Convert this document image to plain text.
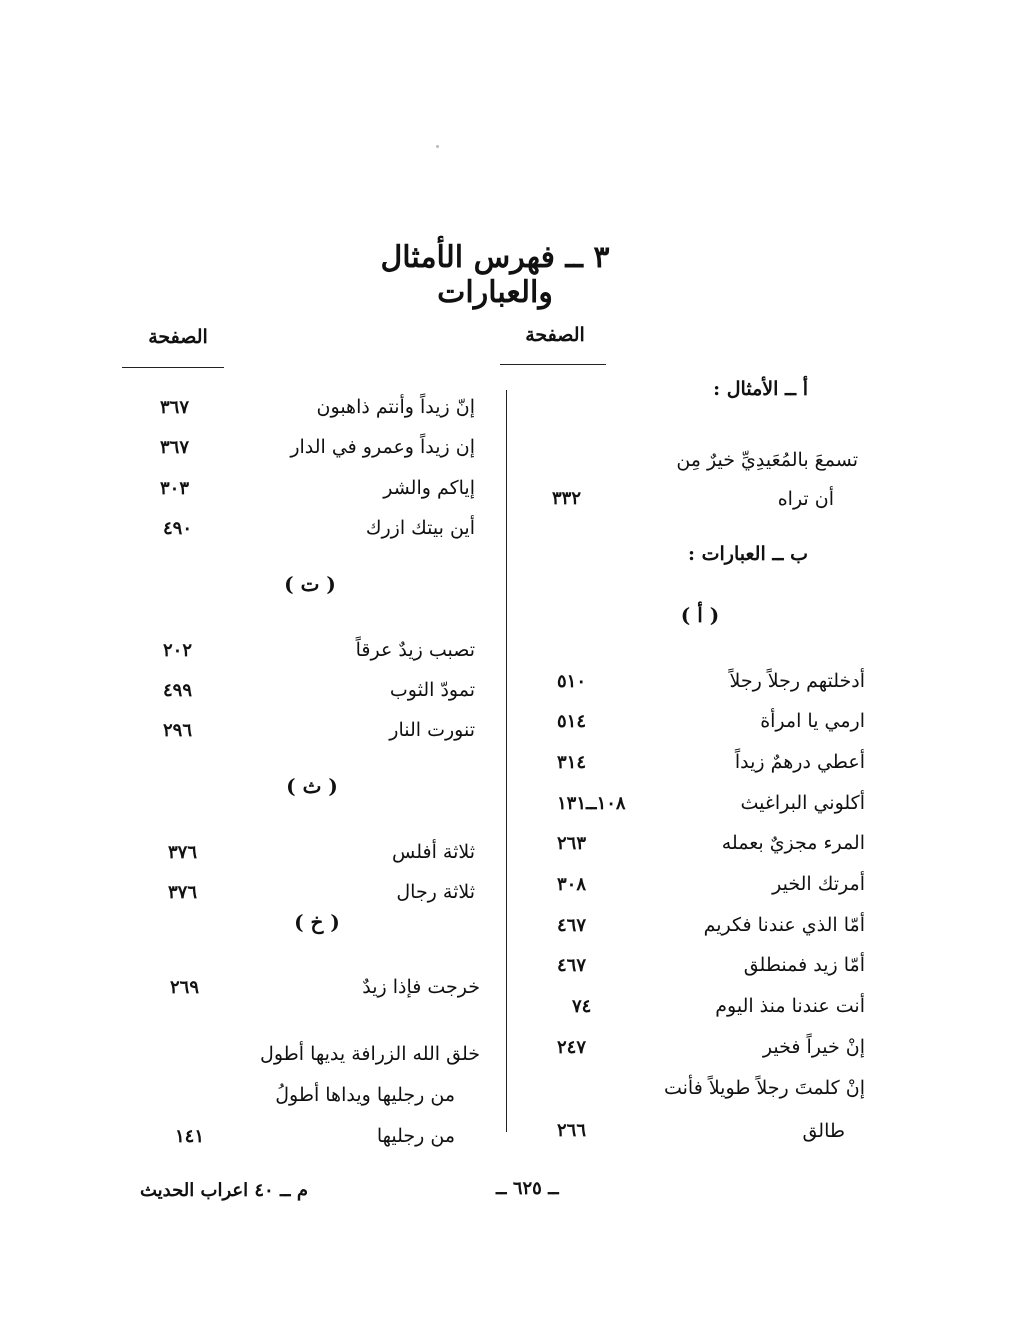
٣ ــ فهرس الأمثال والعبارات
الصفحة
الصفحة
أ ــ الأمثال :
تسمعَ بالمُعَيدِيِّ خيرٌ مِن
أن تراه
٣٣٢
ب ــ العبارات :
( أ )
أدخلتهم رجلاً رجلاً
٥١٠
ارمي يا امرأة
٥١٤
أعطي درهمٌ زيداً
٣١٤
أكلوني البراغيث
١٠٨ــ١٣١
المرء مجزيٌ بعمله
٢٦٣
أمرتك الخير
٣٠٨
أمّا الذي عندنا فكريم
٤٦٧
أمّا زيد فمنطلق
٤٦٧
أنت عندنا منذ اليوم
٧٤
إنْ خيراً فخير
٢٤٧
إنْ كلمتَ رجلاً طويلاً فأنت
طالق
٢٦٦
إنّ زيداً وأنتم ذاهبون
٣٦٧
إن زيداً وعمرو في الدار
٣٦٧
إياكم والشر
٣٠٣
أين بيتك ازرك
٤٩٠
( ت )
تصبب زيدٌ عرقاً
٢٠٢
تمودّ الثوب
٤٩٩
تنورت النار
٢٩٦
( ث )
ثلاثة أفلس
٣٧٦
ثلاثة رجال
٣٧٦
( خ )
خرجت فإذا زيدٌ
٢٦٩
خلق الله الزرافة يديها أطول
من رجليها ويداها أطولُ
من رجليها
١٤١
ــ ٦٢٥ ــ
م ــ ٤٠ اعراب الحديث
